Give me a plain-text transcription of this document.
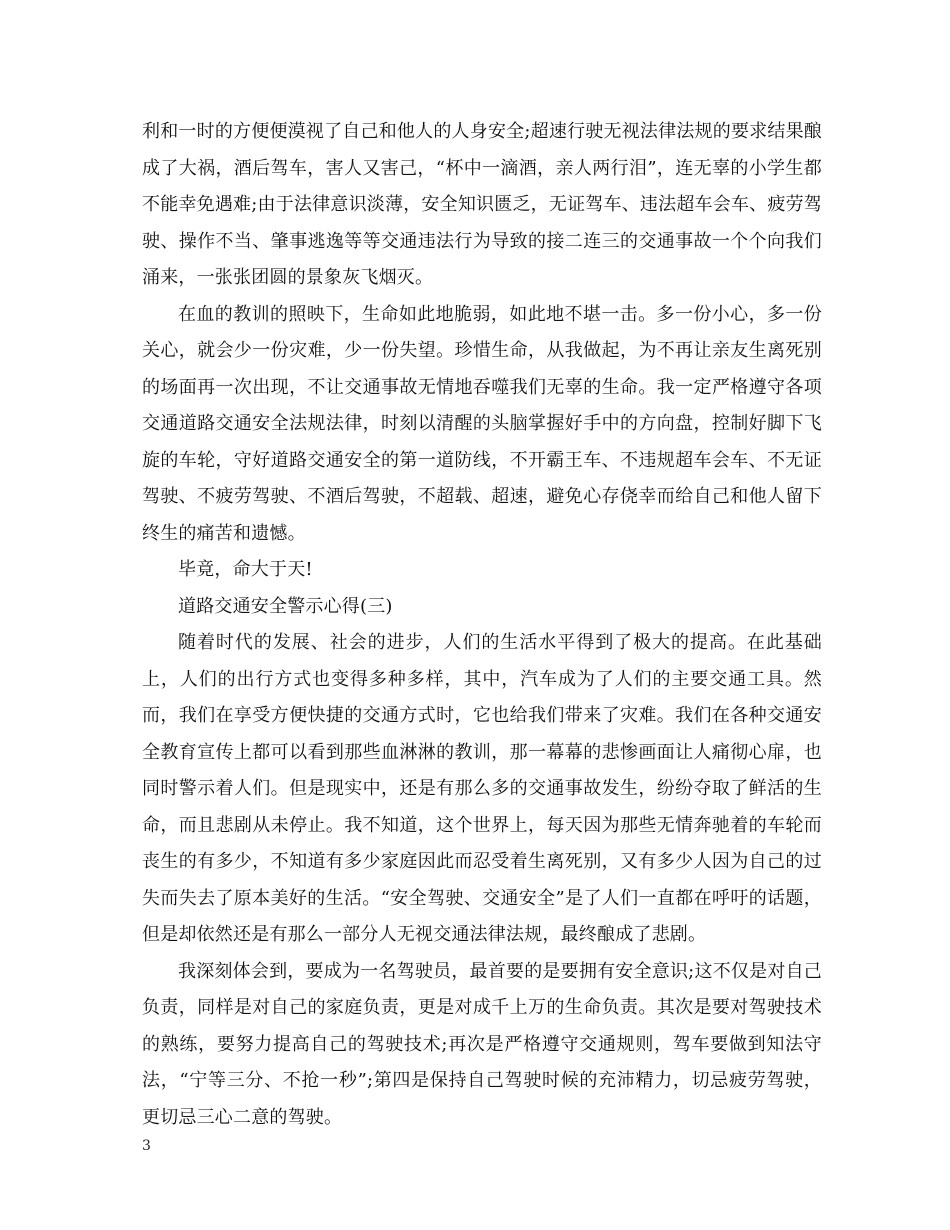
利和一时的方便便漠视了自己和他人的人身安全;超速行驶无视法律法规的要求结果酿成了大祸，酒后驾车，害人又害己，“杯中一滴酒，亲人两行泪”，连无辜的小学生都不能幸免遇难;由于法律意识淡薄，安全知识匮乏，无证驾车、违法超车会车、疲劳驾驶、操作不当、肇事逃逸等等交通违法行为导致的接二连三的交通事故一个个向我们涌来，一张张团圆的景象灰飞烟灭。

在血的教训的照映下，生命如此地脆弱，如此地不堪一击。多一份小心，多一份关心，就会少一份灾难，少一份失望。珍惜生命，从我做起，为不再让亲友生离死别的场面再一次出现，不让交通事故无情地吞噬我们无辜的生命。我一定严格遵守各项交通道路交通安全法规法律，时刻以清醒的头脑掌握好手中的方向盘，控制好脚下飞旋的车轮，守好道路交通安全的第一道防线，不开霸王车、不违规超车会车、不无证驾驶、不疲劳驾驶、不酒后驾驶，不超载、超速，避免心存侥幸而给自己和他人留下终生的痛苦和遗憾。

毕竟，命大于天!

道路交通安全警示心得(三)

随着时代的发展、社会的进步，人们的生活水平得到了极大的提高。在此基础上，人们的出行方式也变得多种多样，其中，汽车成为了人们的主要交通工具。然而，我们在享受方便快捷的交通方式时，它也给我们带来了灾难。我们在各种交通安全教育宣传上都可以看到那些血淋淋的教训，那一幕幕的悲惨画面让人痛彻心扉，也同时警示着人们。但是现实中，还是有那么多的交通事故发生，纷纷夺取了鲜活的生命，而且悲剧从未停止。我不知道，这个世界上，每天因为那些无情奔驰着的车轮而丧生的有多少，不知道有多少家庭因此而忍受着生离死别，又有多少人因为自己的过失而失去了原本美好的生活。“安全驾驶、交通安全”是了人们一直都在呼吁的话题，但是却依然还是有那么一部分人无视交通法律法规，最终酿成了悲剧。

我深刻体会到，要成为一名驾驶员，最首要的是要拥有安全意识;这不仅是对自己负责，同样是对自己的家庭负责，更是对成千上万的生命负责。其次是要对驾驶技术的熟练，要努力提高自己的驾驶技术;再次是严格遵守交通规则，驾车要做到知法守法，“宁等三分、不抢一秒”;第四是保持自己驾驶时候的充沛精力，切忌疲劳驾驶，更切忌三心二意的驾驶。

3
